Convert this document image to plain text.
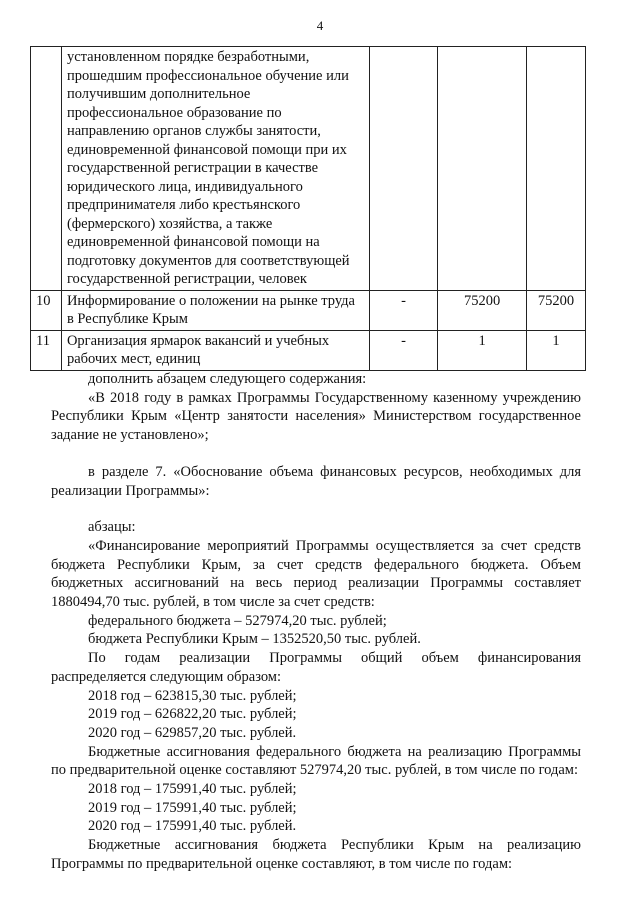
4
	установленном порядке безработными, прошедшим профессиональное обучение или получившим дополнительное профессиональное образование по направлению органов службы занятости, единовременной финансовой помощи при их государственной регистрации в качестве юридического лица, индивидуального предпринимателя либо крестьянского (фермерского) хозяйства, а также единовременной финансовой помощи на подготовку документов для соответствующей государственной регистрации, человек			
10	Информирование о положении на рынке труда в Республике Крым	-	75200	75200
11	Организация ярмарок вакансий и учебных рабочих мест, единиц	-	1	1

дополнить абзацем следующего содержания:

«В 2018 году в рамках Программы Государственному казенному учреждению Республики Крым «Центр занятости населения» Министерством государственное задание не установлено»;

в разделе 7. «Обоснование объема финансовых ресурсов, необходимых для реализации Программы»:

абзацы:

«Финансирование мероприятий Программы осуществляется за счет средств бюджета Республики Крым, за счет средств федерального бюджета. Объем бюджетных ассигнований на весь период реализации Программы составляет 1880494,70 тыс. рублей, в том числе за счет средств:

федерального бюджета – 527974,20 тыс. рублей;

бюджета Республики Крым – 1352520,50 тыс. рублей.

По годам реализации Программы общий объем финансирования распределяется следующим образом:

2018 год – 623815,30 тыс. рублей;

2019 год – 626822,20 тыс. рублей;

2020 год – 629857,20 тыс. рублей.

Бюджетные ассигнования федерального бюджета на реализацию Программы по предварительной оценке составляют 527974,20 тыс. рублей, в том числе по годам:

2018 год – 175991,40 тыс. рублей;

2019 год – 175991,40 тыс. рублей;

2020 год – 175991,40 тыс. рублей.

Бюджетные ассигнования бюджета Республики Крым на реализацию Программы по предварительной оценке составляют, в том числе по годам:
